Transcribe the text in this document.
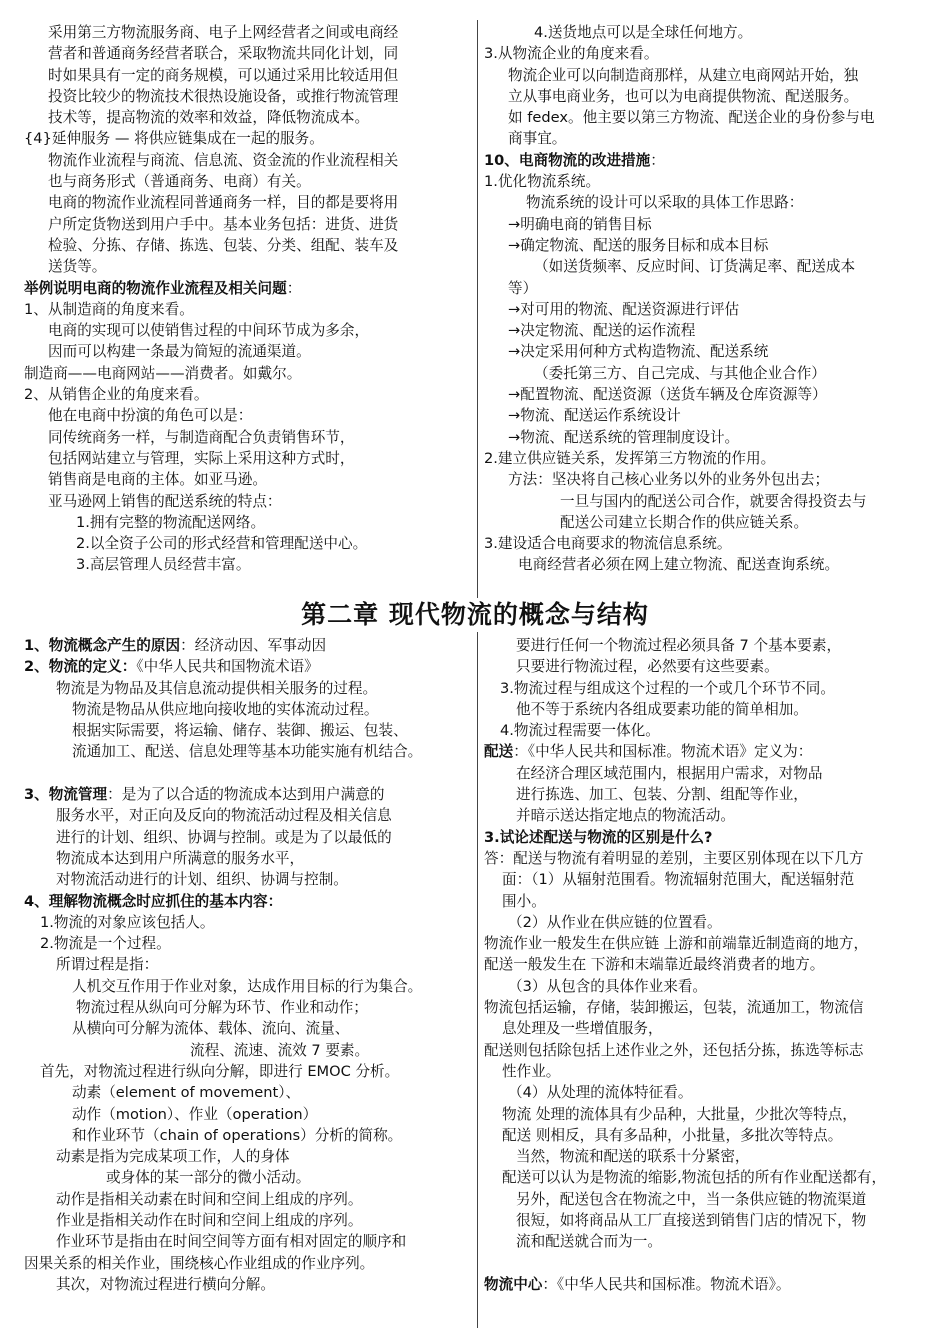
采用第三方物流服务商、电子上网经营者之间或电商经
营者和普通商务经营者联合，采取物流共同化计划，同
时如果具有一定的商务规模，可以通过采用比较适用但
投资比较少的物流技术很热设施设备，或推行物流管理
技术等，提高物流的效率和效益，降低物流成本。
{4}延伸服务 — 将供应链集成在一起的服务。
物流作业流程与商流、信息流、资金流的作业流程相关
也与商务形式（普通商务、电商）有关。
电商的物流作业流程同普通商务一样，目的都是要将用
户所定货物送到用户手中。基本业务包括：进货、进货
检验、分拣、存储、拣选、包装、分类、组配、装车及
送货等。
举例说明电商的物流作业流程及相关问题：
1、从制造商的角度来看。
电商的实现可以使销售过程的中间环节成为多余，
因而可以构建一条最为简短的流通渠道。
制造商——电商网站——消费者。如戴尔。
2、从销售企业的角度来看。
他在电商中扮演的角色可以是：
同传统商务一样，与制造商配合负责销售环节，
包括网站建立与管理，实际上采用这种方式时，
销售商是电商的主体。如亚马逊。
亚马逊网上销售的配送系统的特点：
1.拥有完整的物流配送网络。
2.以全资子公司的形式经营和管理配送中心。
3.高层管理人员经营丰富。
4.送货地点可以是全球任何地方。
3.从物流企业的角度来看。
物流企业可以向制造商那样，从建立电商网站开始，独
立从事电商业务，也可以为电商提供物流、配送服务。
如 fedex。他主要以第三方物流、配送企业的身份参与电
商事宜。
10、电商物流的改进措施：
1.优化物流系统。
物流系统的设计可以采取的具体工作思路：
→明确电商的销售目标
→确定物流、配送的服务目标和成本目标
（如送货频率、反应时间、订货满足率、配送成本
等）
→对可用的物流、配送资源进行评估
→决定物流、配送的运作流程
→决定采用何种方式构造物流、配送系统
（委托第三方、自己完成、与其他企业合作）
→配置物流、配送资源（送货车辆及仓库资源等）
→物流、配送运作系统设计
→物流、配送系统的管理制度设计。
2.建立供应链关系，发挥第三方物流的作用。
方法：坚决将自己核心业务以外的业务外包出去；
一旦与国内的配送公司合作，就要舍得投资去与
配送公司建立长期合作的供应链关系。
3.建设适合电商要求的物流信息系统。
电商经营者必须在网上建立物流、配送查询系统。
第二章 现代物流的概念与结构
1、物流概念产生的原因：经济动因、军事动因
2、物流的定义：《中华人民共和国物流术语》
物流是为物品及其信息流动提供相关服务的过程。
物流是物品从供应地向接收地的实体流动过程。
根据实际需要，将运输、储存、装御、搬运、包装、
流通加工、配送、信息处理等基本功能实施有机结合。
3、物流管理：是为了以合适的物流成本达到用户满意的
服务水平，对正向及反向的物流活动过程及相关信息
进行的计划、组织、协调与控制。或是为了以最低的
物流成本达到用户所满意的服务水平，
对物流活动进行的计划、组织、协调与控制。
4、理解物流概念时应抓住的基本内容：
1.物流的对象应该包括人。
2.物流是一个过程。
所谓过程是指：
人机交互作用于作业对象，达成作用目标的行为集合。
物流过程从纵向可分解为环节、作业和动作；
从横向可分解为流体、载体、流向、流量、
流程、流速、流效 7 要素。
首先，对物流过程进行纵向分解，即进行 EMOC 分析。
动素（element of movement）、
动作（motion）、作业（operation）
和作业环节（chain of operations）分析的简称。
动素是指为完成某项工作，人的身体
或身体的某一部分的微小活动。
动作是指相关动素在时间和空间上组成的序列。
作业是指相关动作在时间和空间上组成的序列。
作业环节是指由在时间空间等方面有相对固定的顺序和
因果关系的相关作业，围绕核心作业组成的作业序列。
其次，对物流过程进行横向分解。
要进行任何一个物流过程必须具备 7 个基本要素，
只要进行物流过程，必然要有这些要素。
3.物流过程与组成这个过程的一个或几个环节不同。
他不等于系统内各组成要素功能的简单相加。
4.物流过程需要一体化。
配送：《中华人民共和国标准。物流术语》定义为：
在经济合理区域范围内，根据用户需求，对物品
进行拣选、加工、包装、分割、组配等作业，
并暗示送达指定地点的物流活动。
3.试论述配送与物流的区别是什么?
答：配送与物流有着明显的差别，主要区别体现在以下几方
面：（1）从辐射范围看。物流辐射范围大，配送辐射范
围小。
（2）从作业在供应链的位置看。
物流作业一般发生在供应链 上游和前端靠近制造商的地方，
配送一般发生在 下游和末端靠近最终消费者的地方。
（3）从包含的具体作业来看。
物流包括运输，存储，装卸搬运，包装，流通加工，物流信
息处理及一些增值服务，
配送则包括除包括上述作业之外，还包括分拣，拣选等标志
性作业。
（4）从处理的流体特征看。
物流 处理的流体具有少品种，大批量，少批次等特点，
配送 则相反，具有多品种，小批量，多批次等特点。
当然，物流和配送的联系十分紧密，
配送可以认为是物流的缩影,物流包括的所有作业配送都有，
另外，配送包含在物流之中，当一条供应链的物流渠道
很短，如将商品从工厂直接送到销售门店的情况下，物
流和配送就合而为一。
物流中心：《中华人民共和国标准。物流术语》。
